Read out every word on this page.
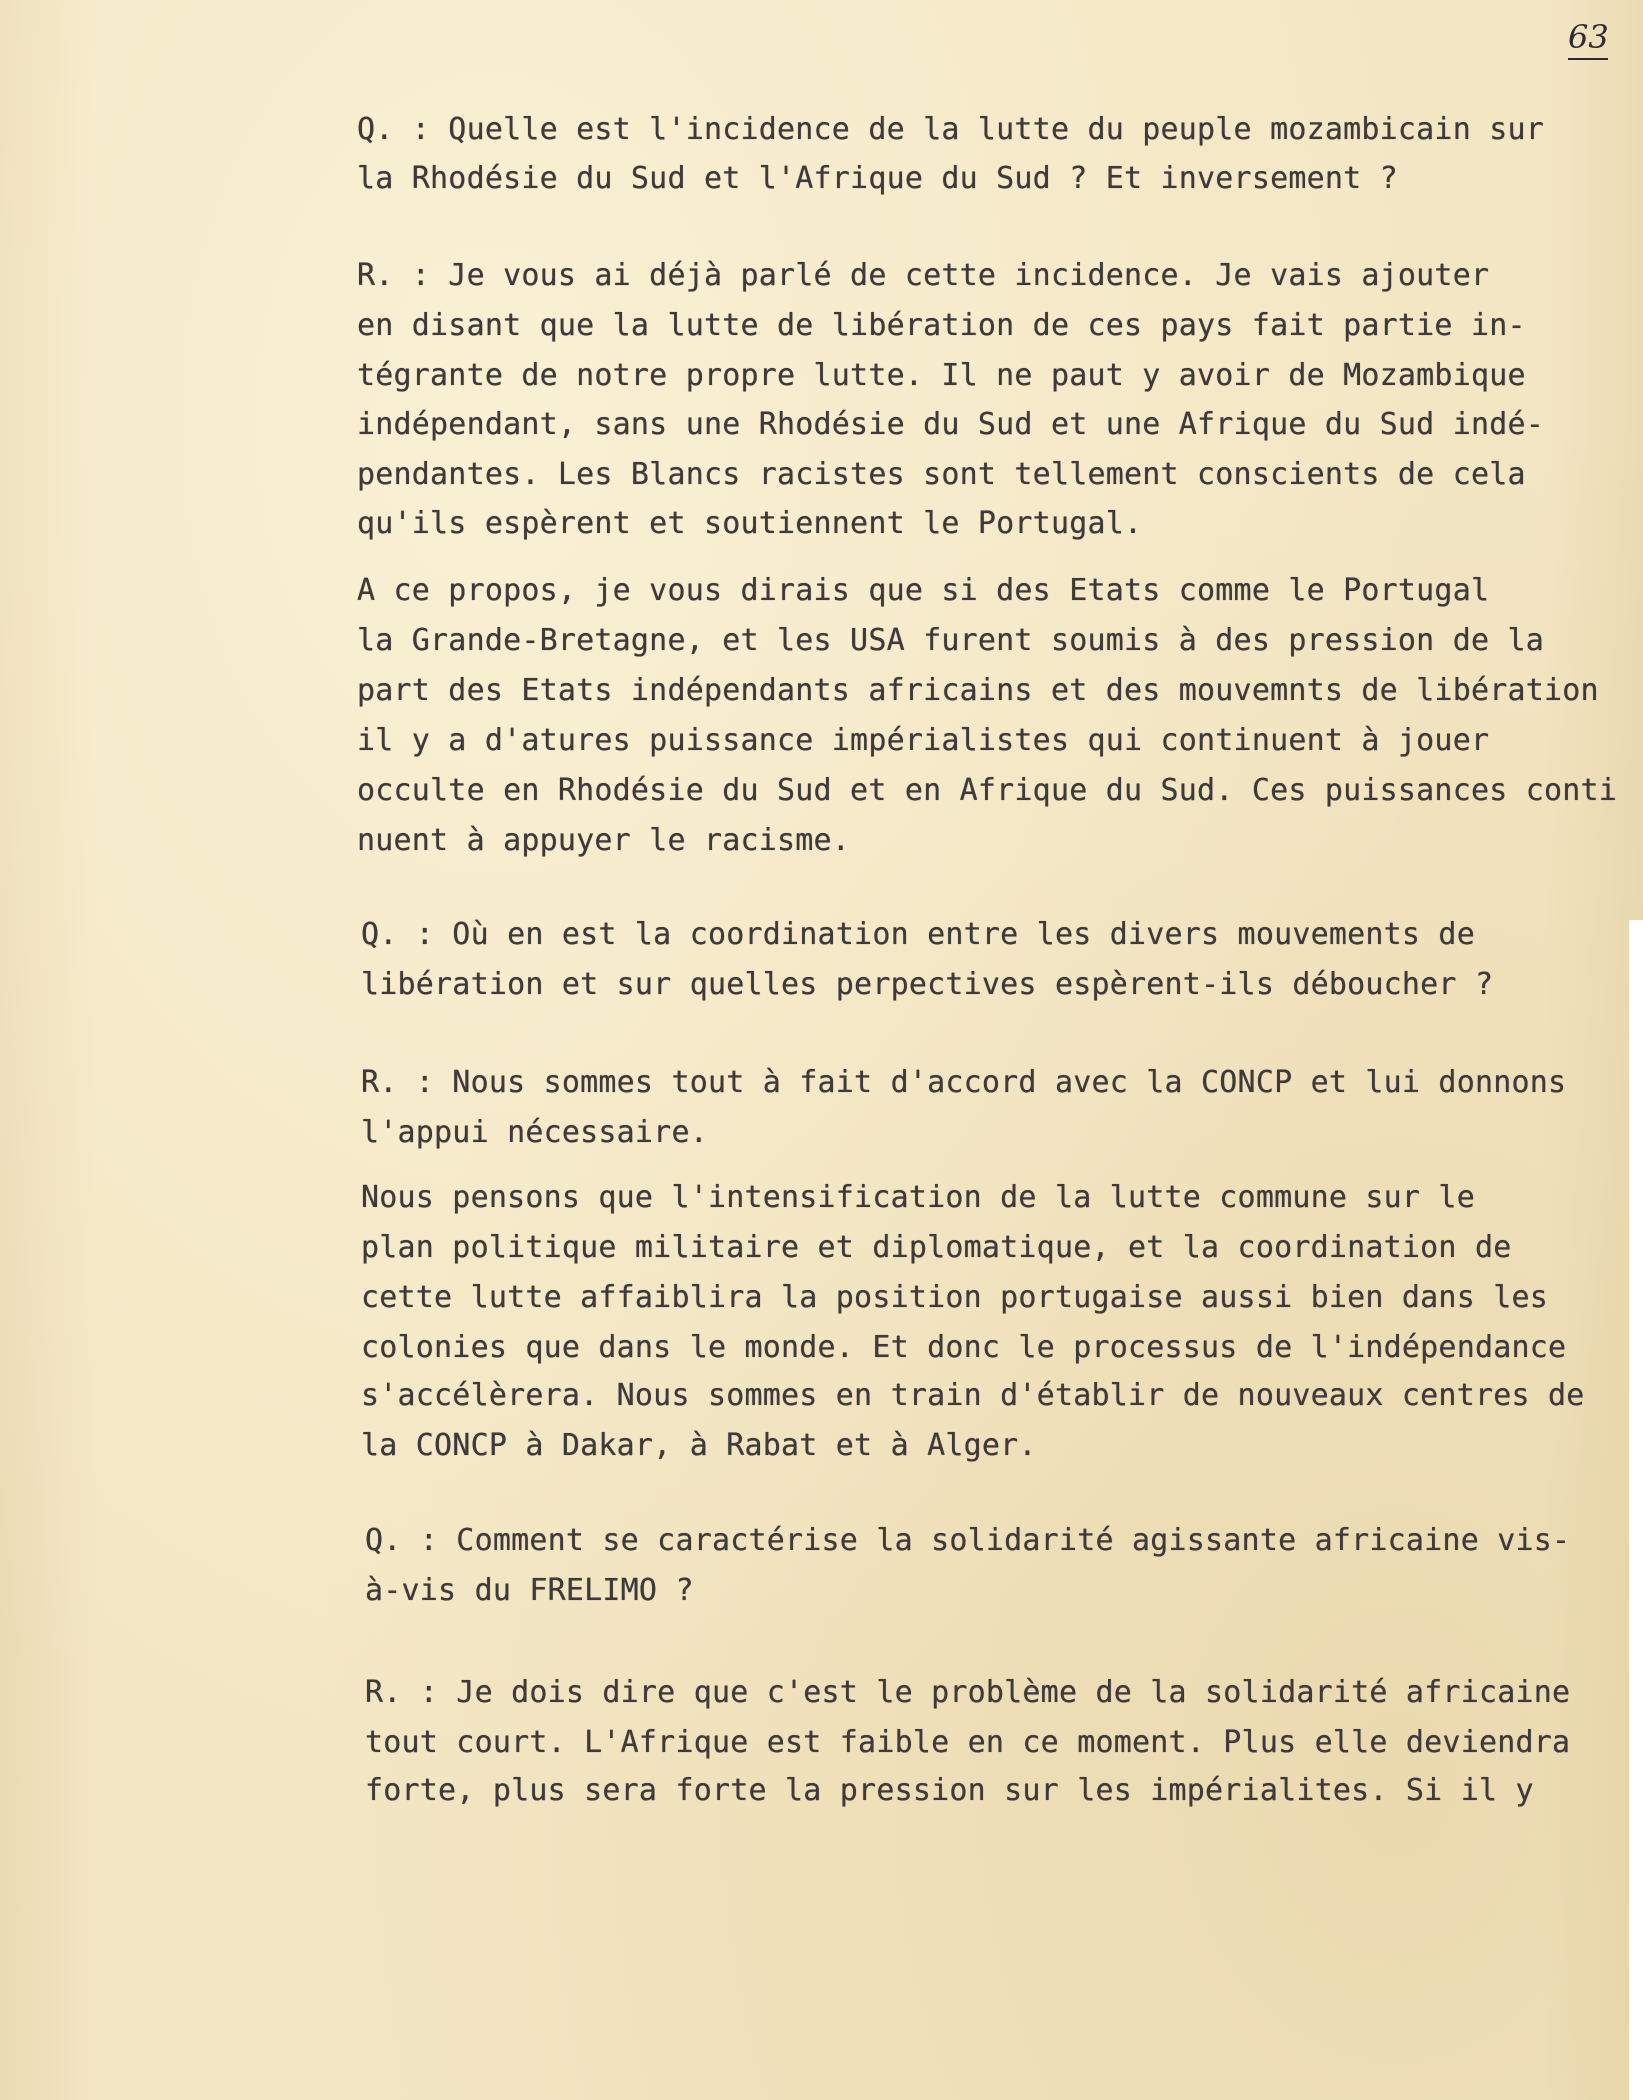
63
Q. : Quelle est l'incidence de la lutte du peuple mozambicain sur
la Rhodésie du Sud et l'Afrique du Sud ? Et inversement ?
R. : Je vous ai déjà parlé de cette incidence. Je vais ajouter
en disant que la lutte de libération de ces pays fait partie in-
tégrante de notre propre lutte. Il ne paut y avoir de Mozambique
indépendant, sans une Rhodésie du Sud et une Afrique du Sud indé-
pendantes. Les Blancs racistes sont tellement conscients de cela
qu'ils espèrent et soutiennent le Portugal.
A ce propos, je vous dirais que si des Etats comme le Portugal
la Grande-Bretagne, et les USA furent soumis à des pression de la
part des Etats indépendants africains et des mouvemnts de libération
il y a d'atures puissance impérialistes qui continuent à jouer
occulte en Rhodésie du Sud et en Afrique du Sud. Ces puissances conti
nuent à appuyer le racisme.
Q. : Où en est la coordination entre les divers mouvements de
libération et sur quelles perpectives espèrent-ils déboucher ?
R. : Nous sommes tout à fait d'accord avec la CONCP et lui donnons
l'appui nécessaire.
Nous pensons que l'intensification de la lutte commune sur le
plan politique militaire et diplomatique, et la coordination de
cette lutte affaiblira la position portugaise aussi bien dans les
colonies que dans le monde. Et donc le processus de l'indépendance
s'accélèrera. Nous sommes en train d'établir de nouveaux centres de
la CONCP à Dakar, à Rabat et à Alger.
Q. : Comment se caractérise la solidarité agissante africaine vis-
à-vis du FRELIMO ?
R. : Je dois dire que c'est le problème de la solidarité africaine
tout court. L'Afrique est faible en ce moment. Plus elle deviendra
forte, plus sera forte la pression sur les impérialites. Si il y
